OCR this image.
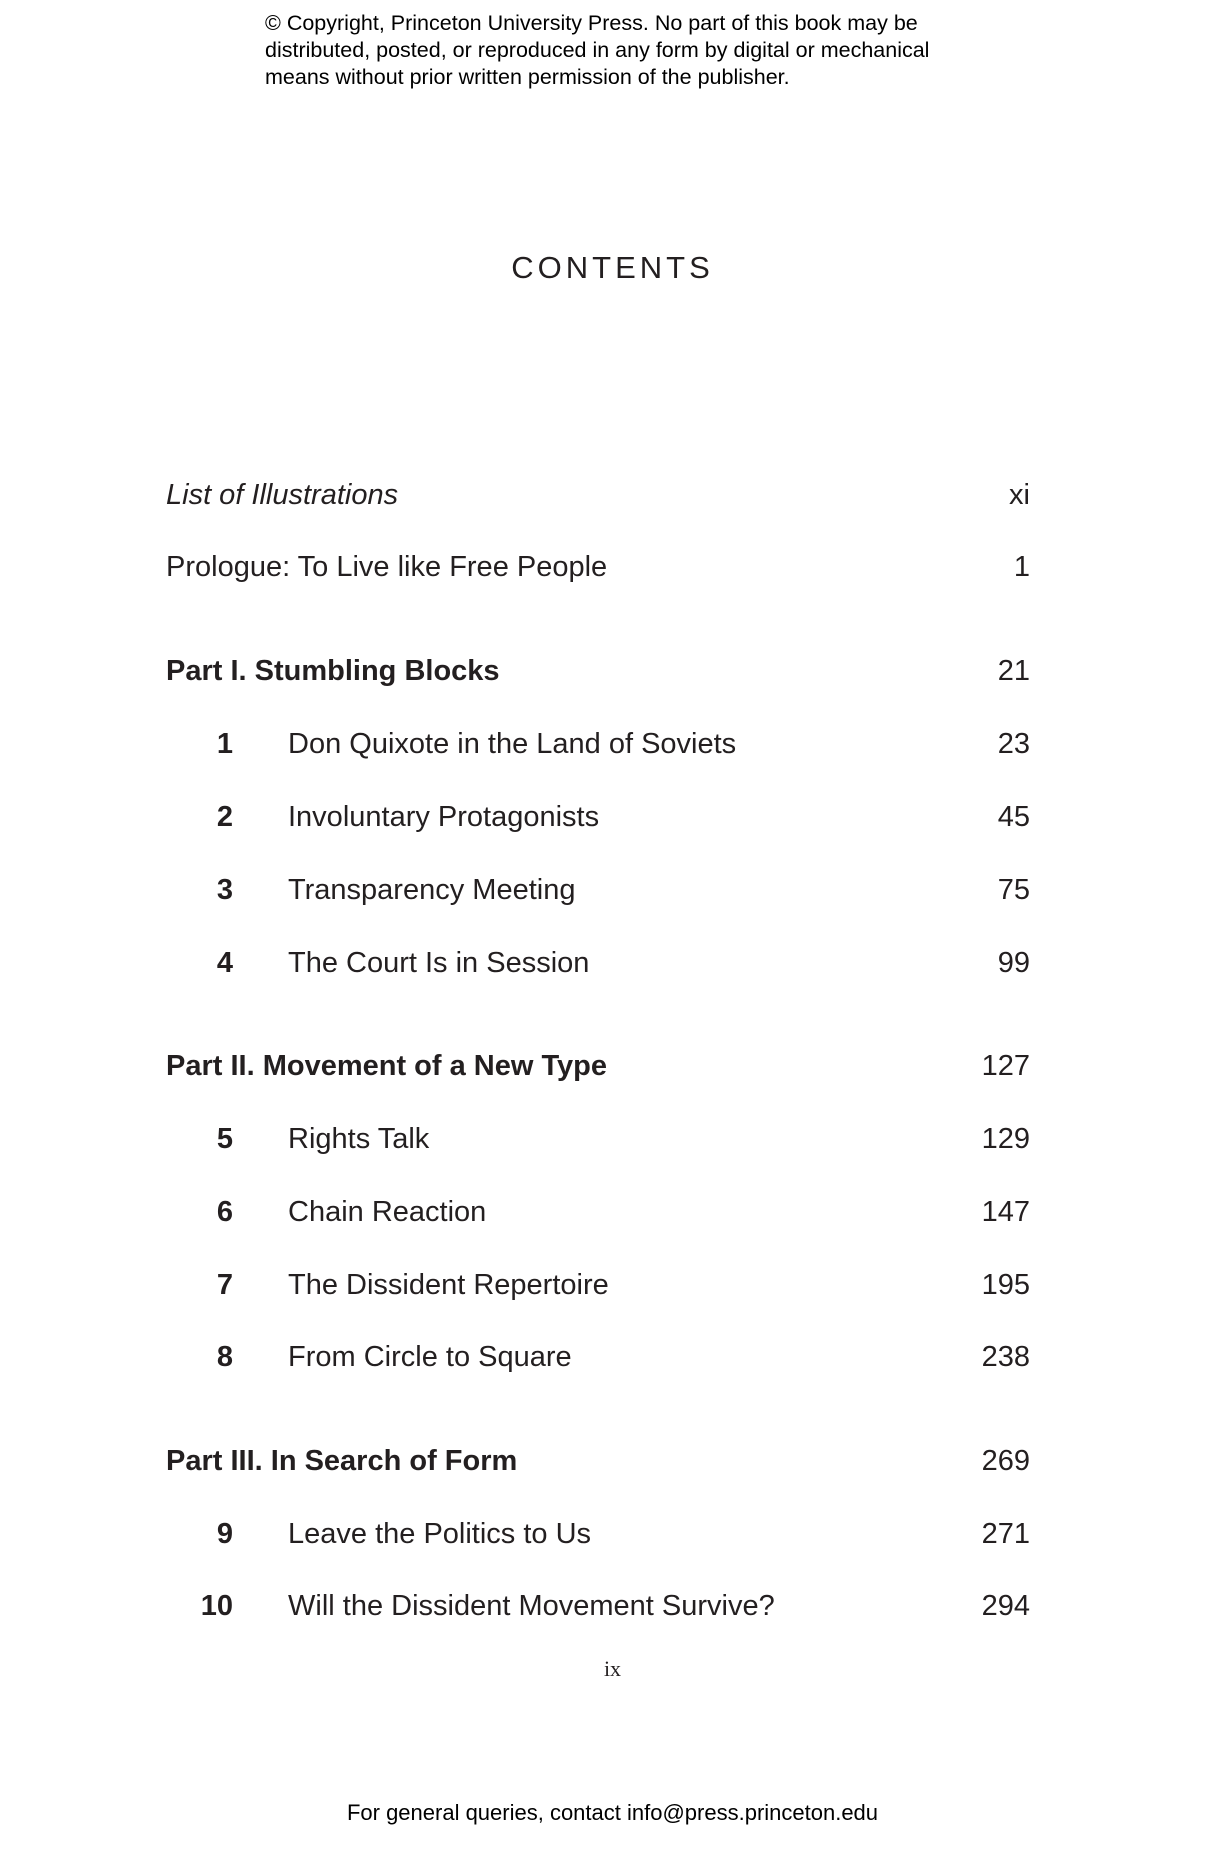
© Copyright, Princeton University Press. No part of this book may be
distributed, posted, or reproduced in any form by digital or mechanical
means without prior written permission of the publisher.
CONTENTS
List of Illustrations	xi
Prologue: To Live like Free People	1
Part I. Stumbling Blocks	21
1 Don Quixote in the Land of Soviets	23
2 Involuntary Protagonists	45
3 Transparency Meeting	75
4 The Court Is in Session	99
Part II. Movement of a New Type	127
5 Rights Talk	129
6 Chain Reaction	147
7 The Dissident Repertoire	195
8 From Circle to Square	238
Part III. In Search of Form	269
9 Leave the Politics to Us	271
10 Will the Dissident Movement Survive?	294
ix
For general queries, contact info@press.princeton.edu
